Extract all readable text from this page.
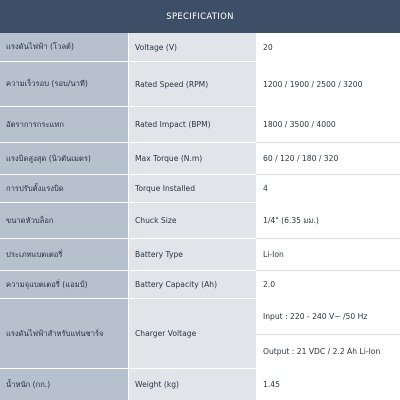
SPECIFICATION
แรงดันไฟฟ้า (โวลต์)	Voltage (V)	20
ความเร็วรอบ (รอบ/นาที)	Rated Speed (RPM)	1200 / 1900 / 2500 / 3200
อัตราการกระแทก	Rated Impact (BPM)	1800 / 3500 / 4000
แรงบิดสูงสุด (นิวตันเมตร)	Max Torque (N.m)	60 / 120 / 180 / 320
การปรับตั้งแรงบิด	Torque Installed	4
ขนาดหัวบล็อก	Chuck Size	1/4" (6.35 มม.)
ประเภทแบตเตอรี่	Battery Type	Li-Ion
ความจุแบตเตอรี่ (แอมป์)	Battery Capacity (Ah)	2.0
แรงดันไฟฟ้าสำหรับแท่นชาร์จ	Charger Voltage
Input : 220 - 240 V~ /50 Hz
Output : 21 VDC / 2.2 Ah Li-Ion
น้ำหนัก (กก.)	Weight (kg)	1.45
